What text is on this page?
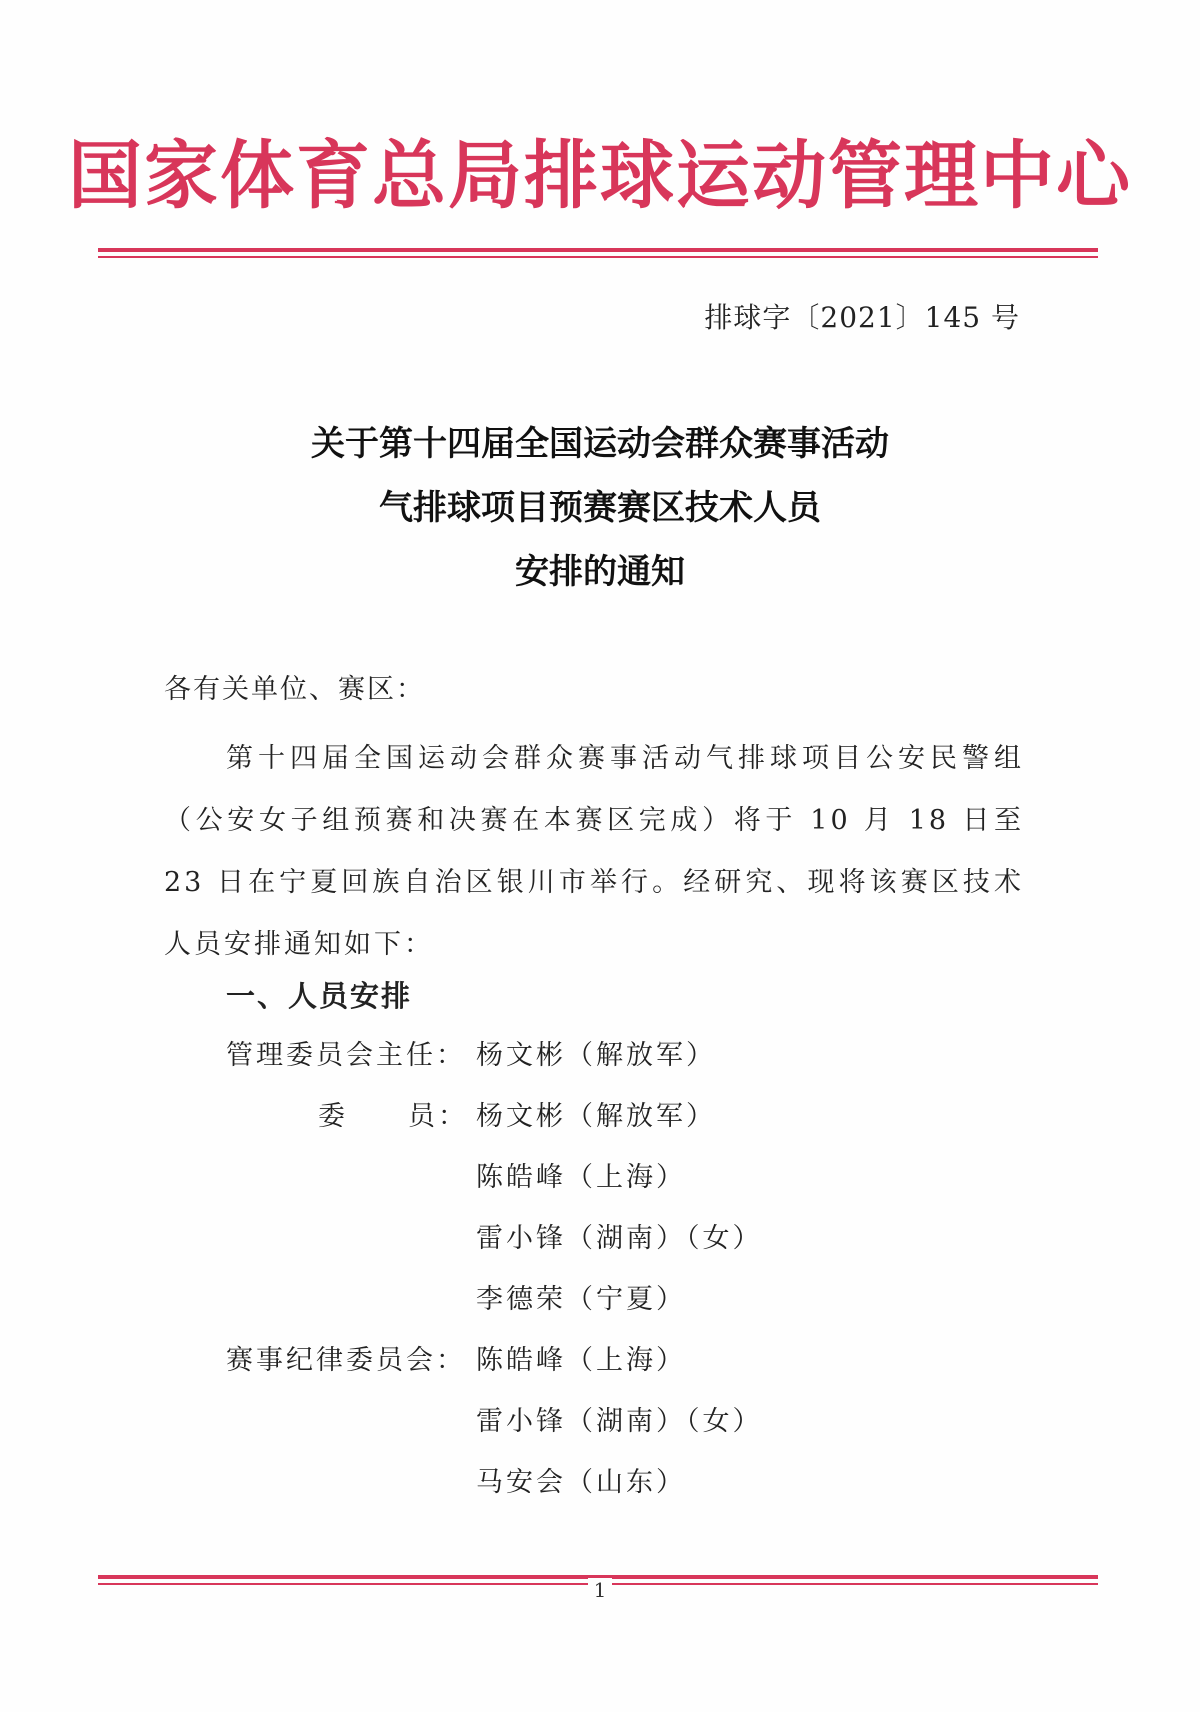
国家体育总局排球运动管理中心
排球字〔2021〕145 号
关于第十四届全国运动会群众赛事活动
气排球项目预赛赛区技术人员
安排的通知
各有关单位、赛区：
第十四届全国运动会群众赛事活动气排球项目公安民警组（公安女子组预赛和决赛在本赛区完成）将于 10 月 18 日至 23 日在宁夏回族自治区银川市举行。经研究、现将该赛区技术人员安排通知如下：
一、人员安排
管理委员会主任： 杨文彬（解放军）
委　　员： 杨文彬（解放军）
陈皓峰（上海）
雷小锋（湖南）（女）
李德荣（宁夏）
赛事纪律委员会： 陈皓峰（上海）
雷小锋（湖南）（女）
马安会（山东）
1
